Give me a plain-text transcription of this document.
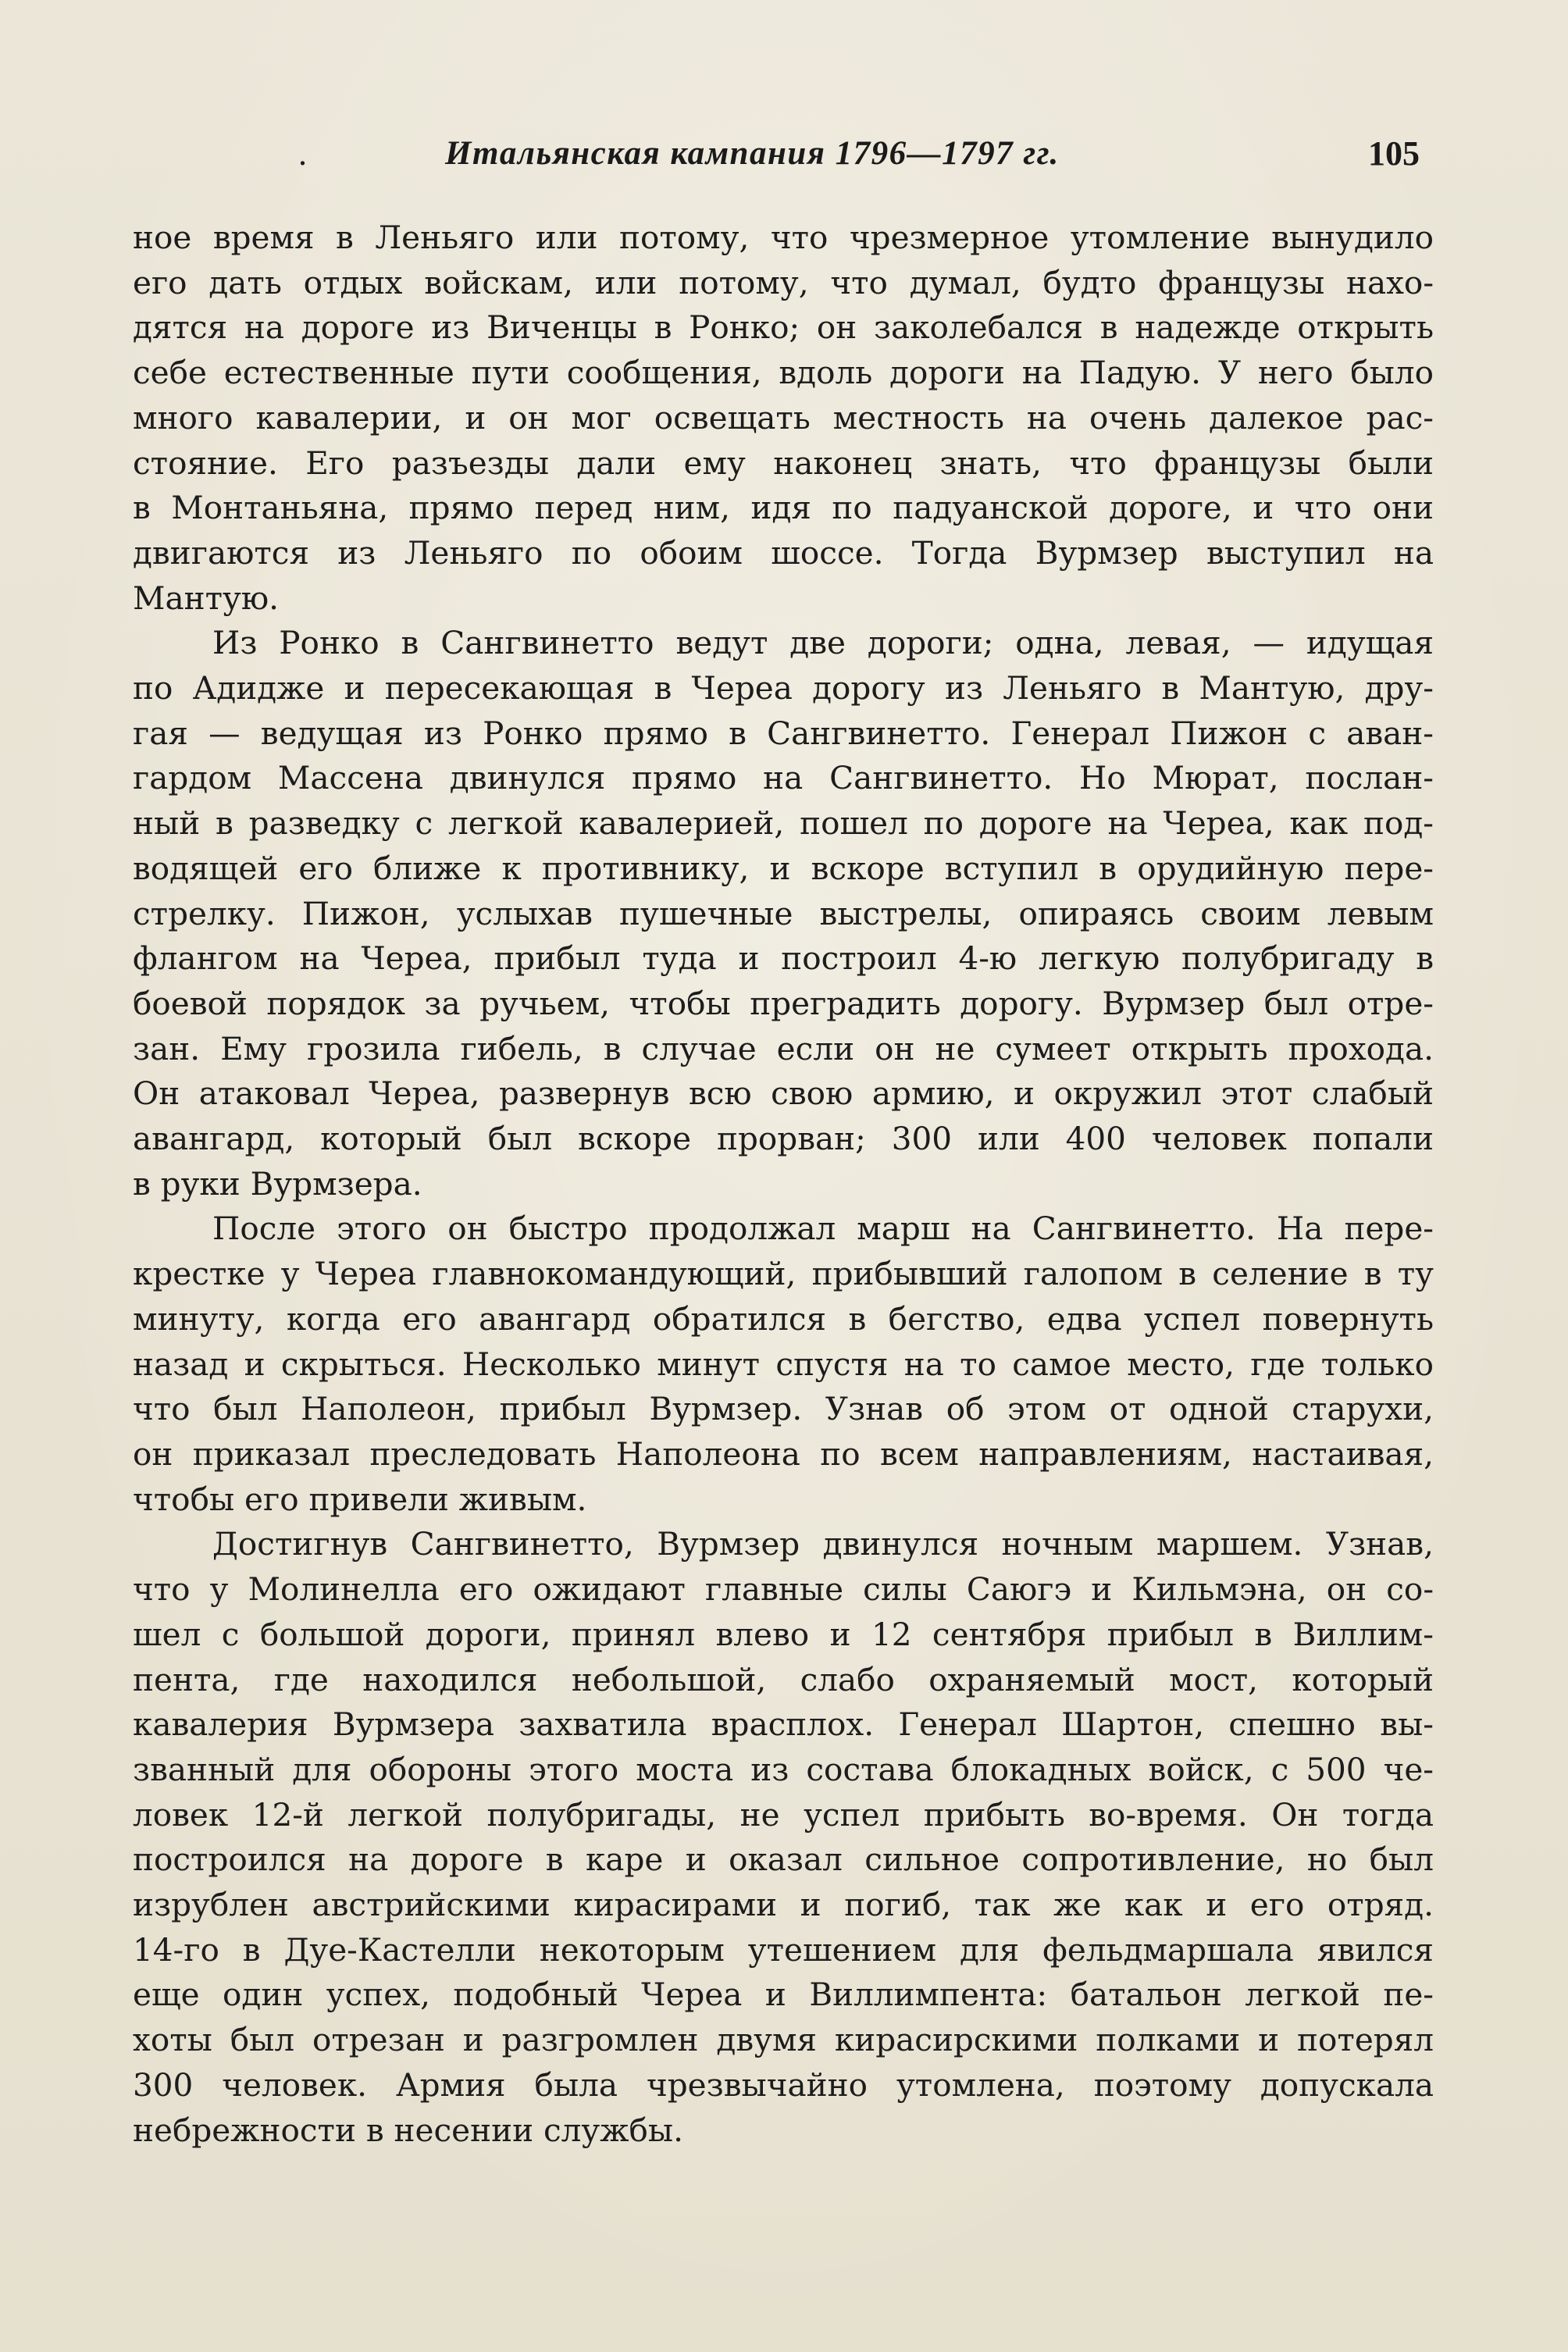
.	Итальянская кампания 1796—1797 гг.	105
ное время в Леньяго или потому, что чрезмерное утомление вынудило
его дать отдых войскам, или потому, что думал, будто французы нахо-
дятся на дороге из Виченцы в Ронко; он заколебался в надежде открыть
себе естественные пути сообщения, вдоль дороги на Падую. У него было
много кавалерии, и он мог освещать местность на очень далекое рас-
стояние. Его разъезды дали ему наконец знать, что французы были
в Монтаньяна, прямо перед ним, идя по падуанской дороге, и что они
двигаются из Леньяго по обоим шоссе. Тогда Вурмзер выступил на
Мантую.
Из Ронко в Сангвинетто ведут две дороги; одна, левая, — идущая
по Адидже и пересекающая в Череа дорогу из Леньяго в Мантую, дру-
гая — ведущая из Ронко прямо в Сангвинетто. Генерал Пижон с аван-
гардом Массена двинулся прямо на Сангвинетто. Но Мюрат, послан-
ный в разведку с легкой кавалерией, пошел по дороге на Череа, как под-
водящей его ближе к противнику, и вскоре вступил в орудийную пере-
стрелку. Пижон, услыхав пушечные выстрелы, опираясь своим левым
флангом на Череа, прибыл туда и построил 4-ю легкую полубригаду в
боевой порядок за ручьем, чтобы преградить дорогу. Вурмзер был отре-
зан. Ему грозила гибель, в случае если он не сумеет открыть прохода.
Он атаковал Череа, развернув всю свою армию, и окружил этот слабый
авангард, который был вскоре прорван; 300 или 400 человек попали
в руки Вурмзера.
После этого он быстро продолжал марш на Сангвинетто. На пере-
крестке у Череа главнокомандующий, прибывший галопом в селение в ту
минуту, когда его авангард обратился в бегство, едва успел повернуть
назад и скрыться. Несколько минут спустя на то самое место, где только
что был Наполеон, прибыл Вурмзер. Узнав об этом от одной старухи,
он приказал преследовать Наполеона по всем направлениям, настаивая,
чтобы его привели живым.
Достигнув Сангвинетто, Вурмзер двинулся ночным маршем. Узнав,
что у Молинелла его ожидают главные силы Саюгэ и Кильмэна, он со-
шел с большой дороги, принял влево и 12 сентября прибыл в Виллим-
пента, где находился небольшой, слабо охраняемый мост, который
кавалерия Вурмзера захватила врасплох. Генерал Шартон, спешно вы-
званный для обороны этого моста из состава блокадных войск, с 500 че-
ловек 12-й легкой полубригады, не успел прибыть во-время. Он тогда
построился на дороге в каре и оказал сильное сопротивление, но был
изрублен австрийскими кирасирами и погиб, так же как и его отряд.
14-го в Дуе-Кастелли некоторым утешением для фельдмаршала явился
еще один успех, подобный Череа и Виллимпента: батальон легкой пе-
хоты был отрезан и разгромлен двумя кирасирскими полками и потерял
300 человек. Армия была чрезвычайно утомлена, поэтому допускала
небрежности в несении службы.
